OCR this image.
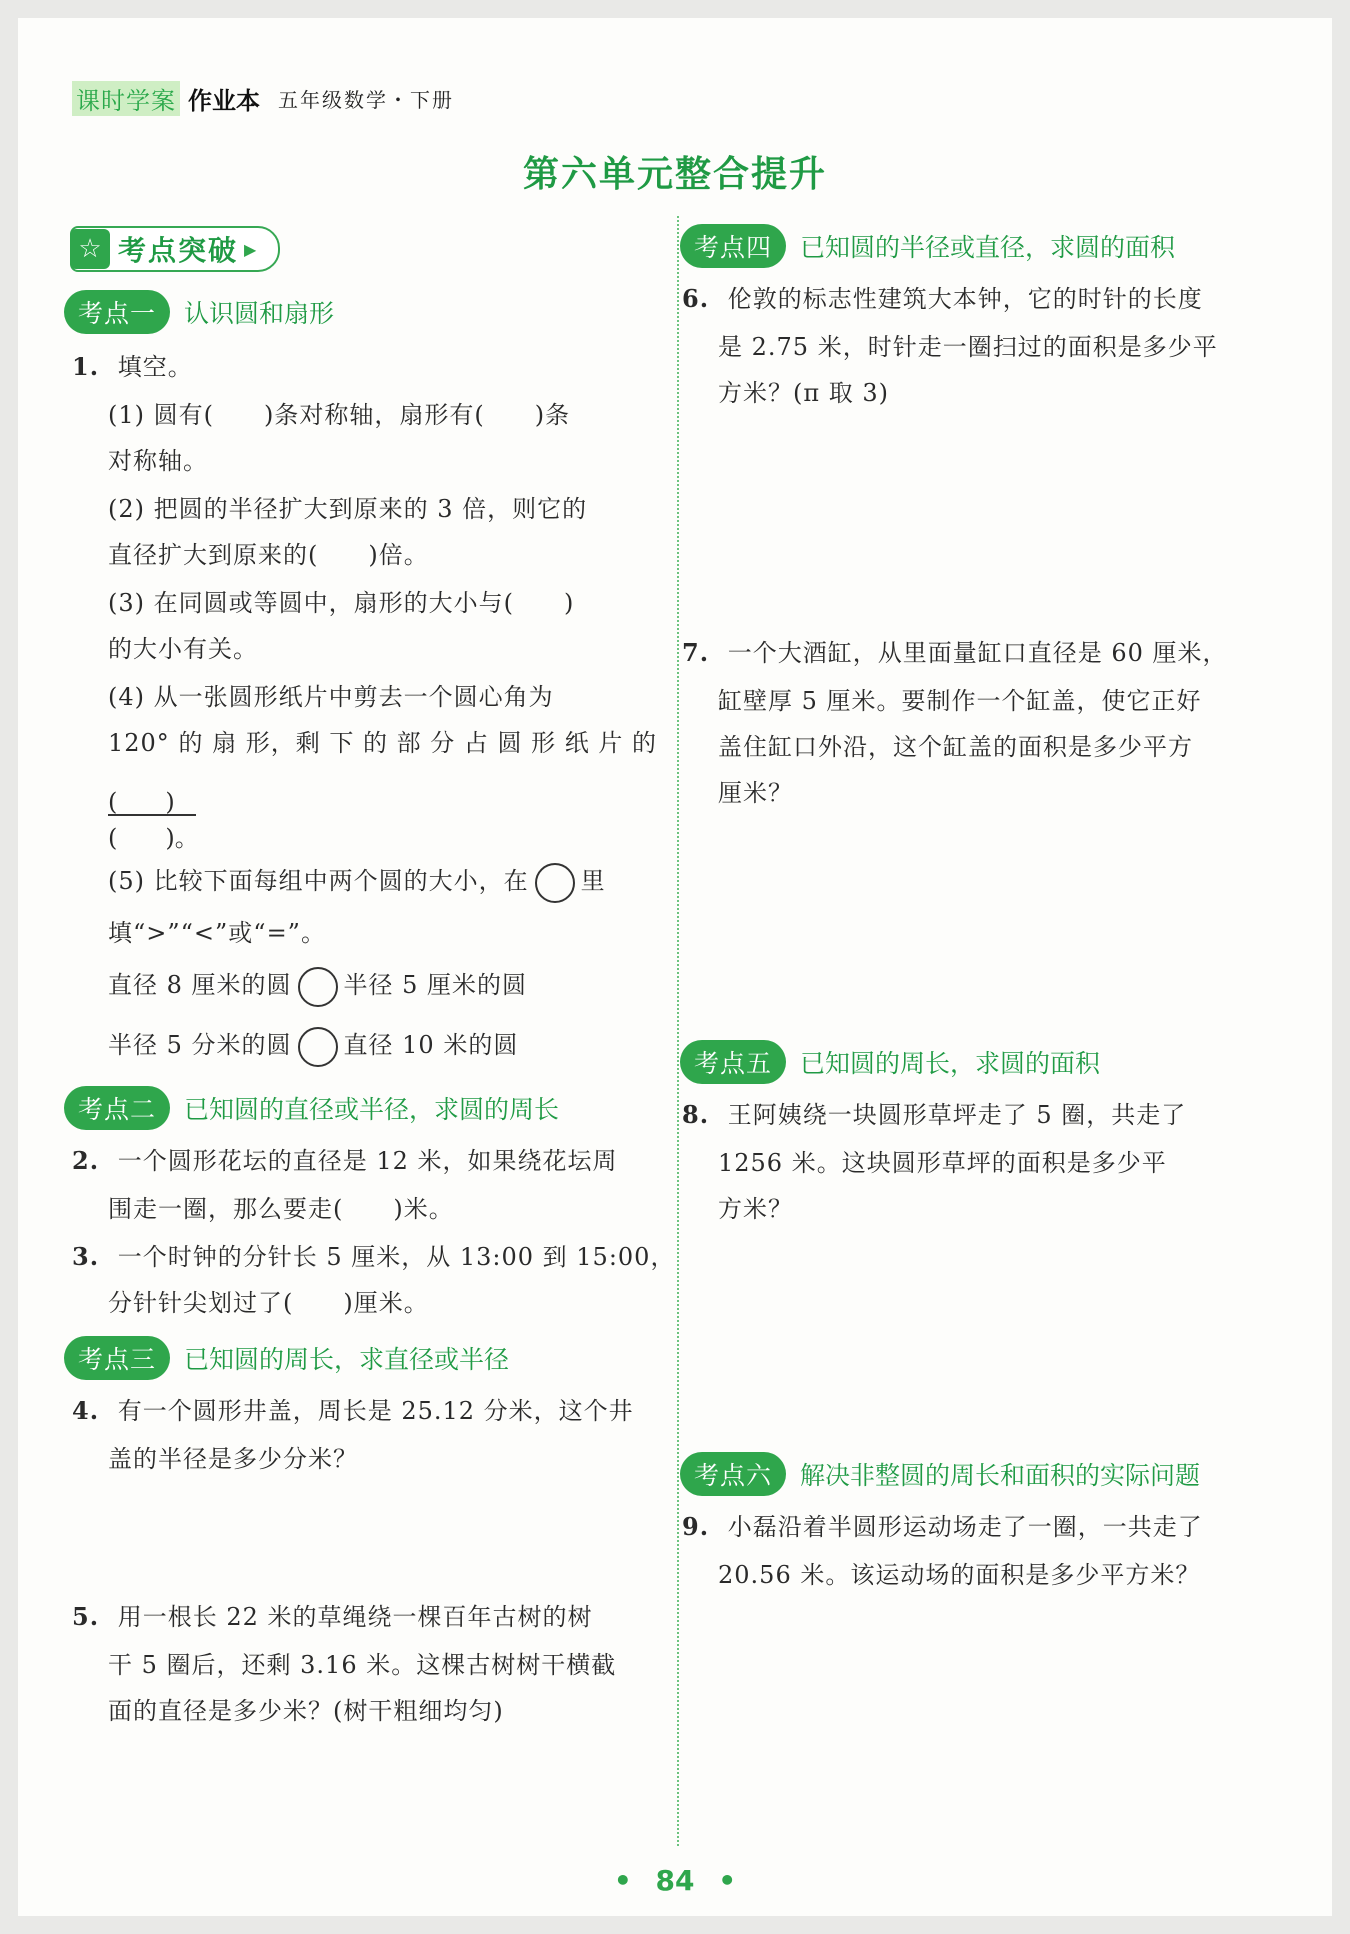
课时学案 作业本 五年级数学・下册
第六单元整合提升
☆ 考点突破 ▶
考点一	认识圆和扇形
1. 填空。
(1) 圆有(　　)条对称轴，扇形有(　　)条
对称轴。
(2) 把圆的半径扩大到原来的 3 倍，则它的
直径扩大到原来的(　　)倍。
(3) 在同圆或等圆中，扇形的大小与(　　)
的大小有关。
(4) 从一张圆形纸片中剪去一个圆心角为
120° 的 扇 形，剩 下 的 部 分 占 圆 形 纸 片 的
(　　)
(　　)。
(5) 比较下面每组中两个圆的大小，在 里
填“>”“<”或“=”。
直径 8 厘米的圆 半径 5 厘米的圆
半径 5 分米的圆 直径 10 米的圆
考点二	已知圆的直径或半径，求圆的周长
2. 一个圆形花坛的直径是 12 米，如果绕花坛周
围走一圈，那么要走(　　)米。
3. 一个时钟的分针长 5 厘米，从 13:00 到 15:00，
分针针尖划过了(　　)厘米。
考点三	已知圆的周长，求直径或半径
4. 有一个圆形井盖，周长是 25.12 分米，这个井
盖的半径是多少分米？
5. 用一根长 22 米的草绳绕一棵百年古树的树
干 5 圈后，还剩 3.16 米。这棵古树树干横截
面的直径是多少米？(树干粗细均匀)
考点四	已知圆的半径或直径，求圆的面积
6. 伦敦的标志性建筑大本钟，它的时针的长度
是 2.75 米，时针走一圈扫过的面积是多少平
方米？(π 取 3)
7. 一个大酒缸，从里面量缸口直径是 60 厘米，
缸壁厚 5 厘米。要制作一个缸盖，使它正好
盖住缸口外沿，这个缸盖的面积是多少平方
厘米？
考点五	已知圆的周长，求圆的面积
8. 王阿姨绕一块圆形草坪走了 5 圈，共走了
1256 米。这块圆形草坪的面积是多少平
方米？
考点六	解决非整圆的周长和面积的实际问题
9. 小磊沿着半圆形运动场走了一圈，一共走了
20.56 米。该运动场的面积是多少平方米？
• 84 •
